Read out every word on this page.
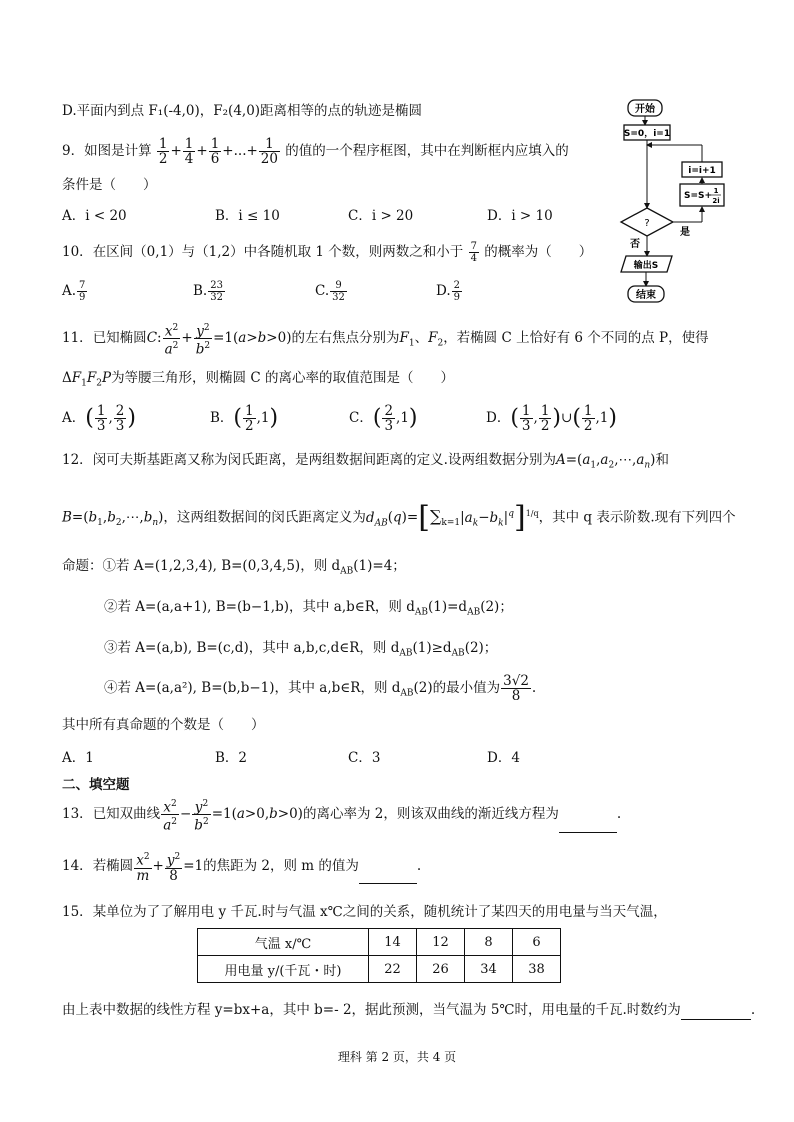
D.平面内到点 F₁(-4,0)，F₂(4,0)距离相等的点的轨迹是椭圆
9．如图是计算 $\frac{1}{2} + \frac{1}{4} + \frac{1}{6}$ +...+ $\frac{1}{20}$ 的值的一个程序框图，其中在判断框内应填入的
条件是（　　）
A．i < 20	B．i ≤ 10	C．i > 20	D．i > 10
开始
S=0，i=1
i=i+1
S=S+ 1
2i
?
是
否
输出S
结束
10．在区间（0,1）与（1,2）中各随机取 1 个数，则两数之和小于 $\frac{7}{4}$ 的概率为（　　）
A. $\frac{7}{9}$	B. $\frac{23}{32}$	C. $\frac{9}{32}$	D. $\frac{2}{9}$
11．已知椭圆C: $\frac{x^2}{a^2} + \frac{y^2}{b^2} =1(a>b>0)$的左右焦点分别为$F_1$、$F_2$，若椭圆 C 上恰好有 6 个不同的点 P，使得
$\Delta F_1F_2P$为等腰三角形，则椭圆 C 的离心率的取值范围是（　　）
A．( $\frac{1}{3}$ , $\frac{2}{3}$ )	B．( $\frac{1}{2} ,1$)	C．( $\frac{2}{3} ,1$)	D．( $\frac{1}{3}$ , $\frac{1}{2}$ )∪( $\frac{1}{2} ,1$)
12．闵可夫斯基距离又称为闵氏距离，是两组数据间距离的定义.设两组数据分别为$A=(a_1,a_2,\cdots,a_n)$和
$B=(b_1,b_2,\cdots,b_n)$，这两组数据间的闵氏距离定义为$d_{AB}(q)=[\sum_{k=1}|a_k-b_k|^q]^{1/q}$，其中 q 表示阶数.现有下列四个
命题：①若 A=(1,2,3,4), B=(0,3,4,5)，则 $d_{AB}(1)=4$；
②若 A=(a,a+1), B=(b−1,b)，其中 a,b∈R，则 $d_{AB}(1)=d_{AB}(2)$；
③若 A=(a,b), B=(c,d)，其中 a,b,c,d∈R，则 $d_{AB}(1)\ge d_{AB}(2)$；
④若 A=(a,a²), B=(b,b−1)，其中 a,b∈R，则 $d_{AB}(2)$的最小值为 $\frac{3√2}{8}$ .
其中所有真命题的个数是（　　）
A．1	B．2	C．3	D．4
二、填空题
13．已知双曲线 $\frac{x^2}{a^2} - \frac{y^2}{b^2} =1(a>0,b>0)$的离心率为 2，则该双曲线的渐近线方程为	.
14．若椭圆 $\frac{x^2}{m} + \frac{y^2}{8} =1$的焦距为 2，则 m 的值为	.
15．某单位为了了解用电 y 千瓦.时与气温 x℃之间的关系，随机统计了某四天的用电量与当天气温，
气温 x/℃	14	12	8	6
用电量 y/(千瓦・时)	22	26	34	38
由上表中数据的线性方程 y=bx+a，其中 b=- 2，据此预测，当气温为 5℃时，用电量的千瓦.时数约为	.
理科 第 2 页，共 4 页
